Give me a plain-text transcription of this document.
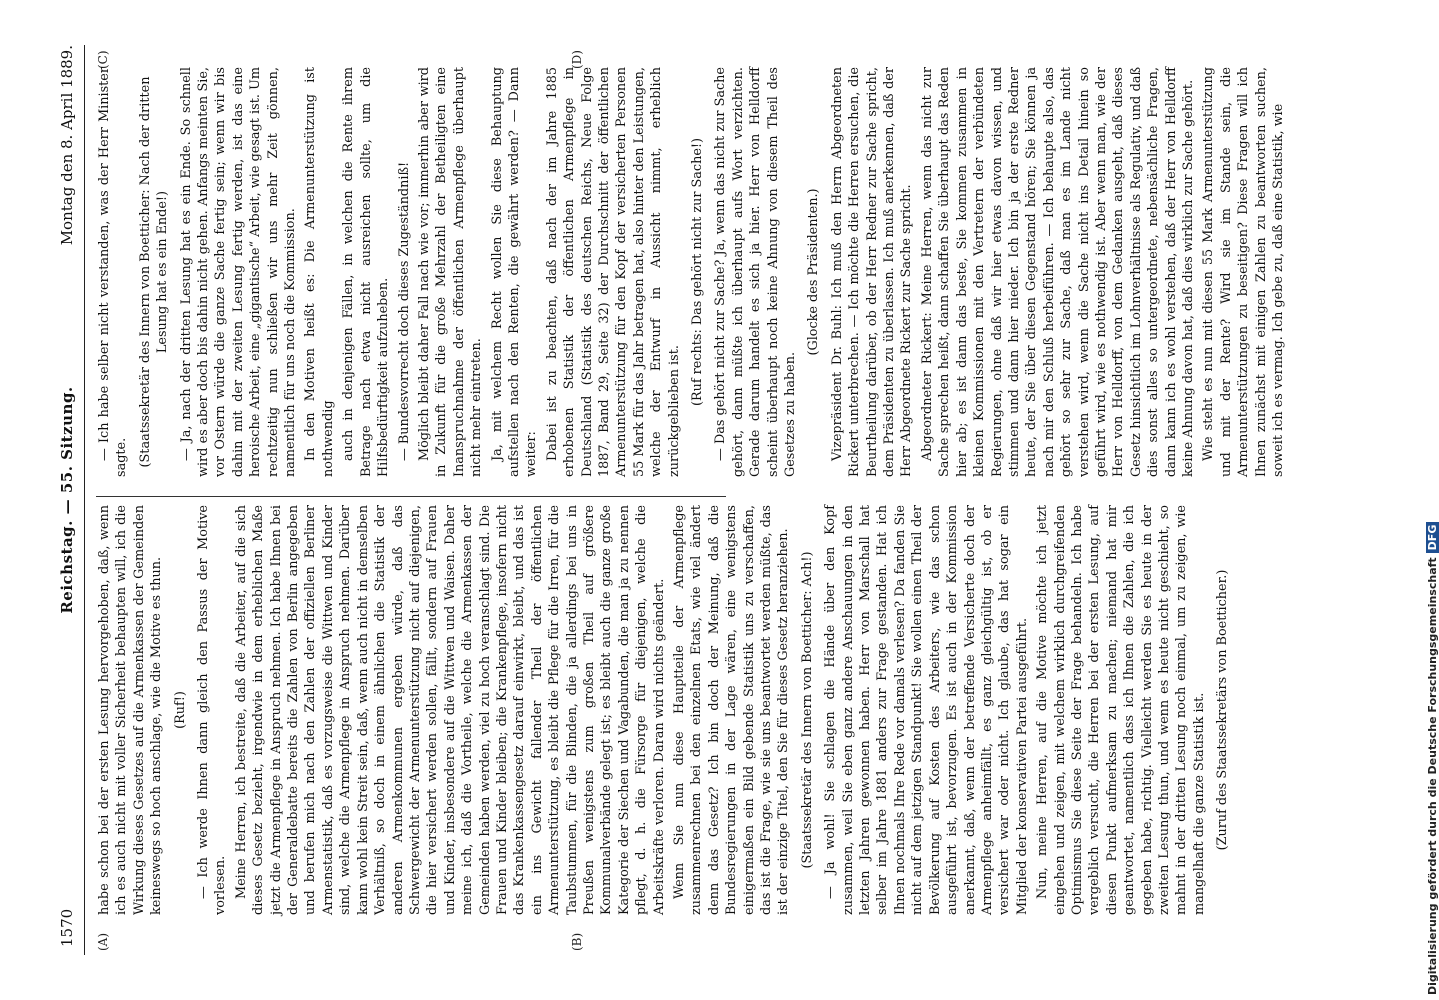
1570
Reichstag. — 55. Sitzung.
Montag den 8. April 1889.
(A)	(B)
(C)	(D)

habe schon bei der ersten Lesung hervorgehoben, daß, wenn ich es auch nicht mit voller Sicherheit behaupten will, ich die Wirkung dieses Gesetzes auf die Armenkassen der Gemeinden keineswegs so hoch anschlage, wie die Motive es thun. (Ruf!) — Ich werde Ihnen dann gleich den Passus der Motive vorlesen. Meine Herren, ich bestreite, daß die Arbeiter, auf die sich dieses Gesetz bezieht, irgendwie in dem erheblichen Maße jetzt die Armenpflege in Anspruch nehmen. Ich habe Ihnen bei der Generaldebatte bereits die Zahlen von Berlin angegeben und berufen mich nach den Zahlen der offiziellen Berliner Armenstatistik, daß es vorzugsweise die Wittwen und Kinder sind, welche die Armenpflege in Anspruch nehmen. Darüber kann wohl kein Streit sein, daß, wenn auch nicht in demselben Verhältniß, so doch in einem ähnlichen die Statistik der anderen Armenkommunen ergeben würde, daß das Schwergewicht der Armenunterstützung nicht auf diejenigen, die hier versichert werden sollen, fällt, sondern auf Frauen und Kinder, insbesondere auf die Wittwen und Waisen. Daher meine ich, daß die Vortheile, welche die Armenkassen der Gemeinden haben werden, viel zu hoch veranschlagt sind. Die Frauen und Kinder bleiben; die Krankenpflege, insofern nicht das Krankenkassengesetz darauf einwirkt, bleibt, und das ist ein ins Gewicht fallender Theil der öffentlichen Armenunterstützung, es bleibt die Pflege für die Irren, für die Taubstummen, für die Blinden, die ja allerdings bei uns in Preußen wenigstens zum großen Theil auf größere Kommunalverbände gelegt ist; es bleibt auch die ganze große Kategorie der Siechen und Vagabunden, die man ja zu nennen pflegt, d. h. die Fürsorge für diejenigen, welche die Arbeitskräfte verloren. Daran wird nichts geändert. Wenn Sie nun diese Hauptteile der Armenpflege zusammenrechnen bei den einzelnen Etats, wie viel ändert denn das Gesetz? Ich bin doch der Meinung, daß die Bundesregierungen in der Lage wären, eine wenigstens einigermaßen ein Bild gebende Statistik uns zu verschaffen, das ist die Frage, wie sie uns beantwortet werden müßte, das ist der einzige Titel, den Sie für dieses Gesetz heranziehen. (Staatssekretär des Innern von Boetticher: Ach!) — Ja wohl! Sie schlagen die Hände über den Kopf zusammen, weil Sie eben ganz andere Anschauungen in den letzten Jahren gewonnen haben. Herr von Marschall hat selber im Jahre 1881 anders zur Frage gestanden. Hat ich Ihnen nochmals Ihre Rede vor damals verlesen? Da fanden Sie nicht auf dem jetzigen Standpunkt! Sie wollen einen Theil der Bevölkerung auf Kosten des Arbeiters, wie das schon ausgeführt ist, bevorzugen. Es ist auch in der Kommission anerkannt, daß, wenn der betreffende Versicherte doch der Armenpflege anheimfällt, es ganz gleichgültig ist, ob er versichert war oder nicht. Ich glaube, das hat sogar ein Mitglied der konservativen Partei ausgeführt. Nun, meine Herren, auf die Motive möchte ich jetzt eingehen und zeigen, mit welchem wirklich durchgreifenden Optimismus Sie diese Seite der Frage behandeln. Ich habe vergeblich versucht, die Herren bei der ersten Lesung, auf diesen Punkt aufmerksam zu machen; niemand hat mir geantwortet, namentlich dass ich Ihnen die Zahlen, die ich gegeben habe, richtig. Vielleicht werden Sie es heute in der zweiten Lesung thun, und wenn es heute nicht geschieht, so mahnt in der dritten Lesung noch einmal, um zu zeigen, wie mangelhaft die ganze Statistik ist. (Zuruf des Staatssekretärs von Boetticher.)

— Ich habe selber nicht verstanden, was der Herr Minister sagte. (Staatssekretär des Innern von Boetticher: Nach der dritten Lesung hat es ein Ende!) — Ja, nach der dritten Lesung hat es ein Ende. So schnell wird es aber doch bis dahin nicht gehen. Anfangs meinten Sie, vor Ostern würde die ganze Sache fertig sein; wenn wir bis dahin mit der zweiten Lesung fertig werden, ist das eine heroische Arbeit, eine „gigantische“ Arbeit, wie gesagt ist. Um rechtzeitig nun schließen wir uns mehr Zeit gönnen, namentlich für uns noch die Kommission. In den Motiven heißt es: Die Armenunterstützung ist nothwendig auch in denjenigen Fällen, in welchen die Rente ihrem Betrage nach etwa nicht ausreichen sollte, um die Hilfsbedürftigkeit aufzuheben. — Bundesvorrecht doch dieses Zugeständniß! Möglich bleibt daher Fall nach wie vor; immerhin aber wird in Zukunft für die große Mehrzahl der Betheiligten eine Inanspruchnahme der öffentlichen Armenpflege überhaupt nicht mehr eintreten. Ja, mit welchem Recht wollen Sie diese Behauptung aufstellen nach den Renten, die gewährt werden? — Dann weiter: Dabei ist zu beachten, daß nach der im Jahre 1885 erhobenen Statistik der öffentlichen Armenpflege in Deutschland (Statistik des deutschen Reichs, Neue Folge 1887, Band 29, Seite 32) der Durchschnitt der öffentlichen Armenunterstützung für den Kopf der versicherten Personen 55 Mark für das Jahr betragen hat, also hinter den Leistungen, welche der Entwurf in Aussicht nimmt, erheblich zurückgeblieben ist.

(Ruf rechts: Das gehört nicht zur Sache!) — Das gehört nicht zur Sache? Ja, wenn das nicht zur Sache gehört, dann müßte ich überhaupt aufs Wort verzichten. Gerade darum handelt es sich ja hier. Herr von Helldorff scheint überhaupt noch keine Ahnung von diesem Theil des Gesetzes zu haben.

(Glocke des Präsidenten.) Vizepräsident Dr. Buhl: Ich muß den Herrn Abgeordneten Rickert unterbrechen. — Ich möchte die Herren ersuchen, die Beurtheilung darüber, ob der Herr Redner zur Sache spricht, dem Präsidenten zu überlassen. Ich muß anerkennen, daß der Herr Abgeordnete Rickert zur Sache spricht. Abgeordneter Rickert: Meine Herren, wenn das nicht zur Sache sprechen heißt, dann schaffen Sie überhaupt das Reden hier ab; es ist dann das beste, Sie kommen zusammen in kleinen Kommissionen mit den Vertretern der verbündeten Regierungen, ohne daß wir hier etwas davon wissen, und stimmen und dann hier nieder. Ich bin ja der erste Redner heute, der Sie über diesen Gegenstand hören; Sie können ja nach mir den Schluß herbeiführen. — Ich behaupte also, das gehört so sehr zur Sache, daß man es im Lande nicht verstehen wird, wenn die Sache nicht ins Detail hinein so geführt wird, wie es nothwendig ist. Aber wenn man, wie der Herr von Helldorff, von dem Gedanken ausgeht, daß dieses Gesetz hinsichtlich im Lohnverhältnisse als Regulativ, und daß dies sonst alles so untergeordnete, nebensächliche Fragen, dann kann ich es wohl verstehen, daß der Herr von Helldorff keine Ahnung davon hat, daß dies wirklich zur Sache gehört. Wie steht es nun mit diesen 55 Mark Armenunterstützung und mit der Rente? Wird sie im Stande sein, die Armenunterstützungen zu beseitigen? Diese Fragen will ich Ihnen zunächst mit einigen Zahlen zu beantworten suchen, soweit ich es vermag. Ich gebe zu, daß eine Statistik, wie

Digitalisierung gefördert durch die Deutsche ForschungsgemeinschaftDFG
